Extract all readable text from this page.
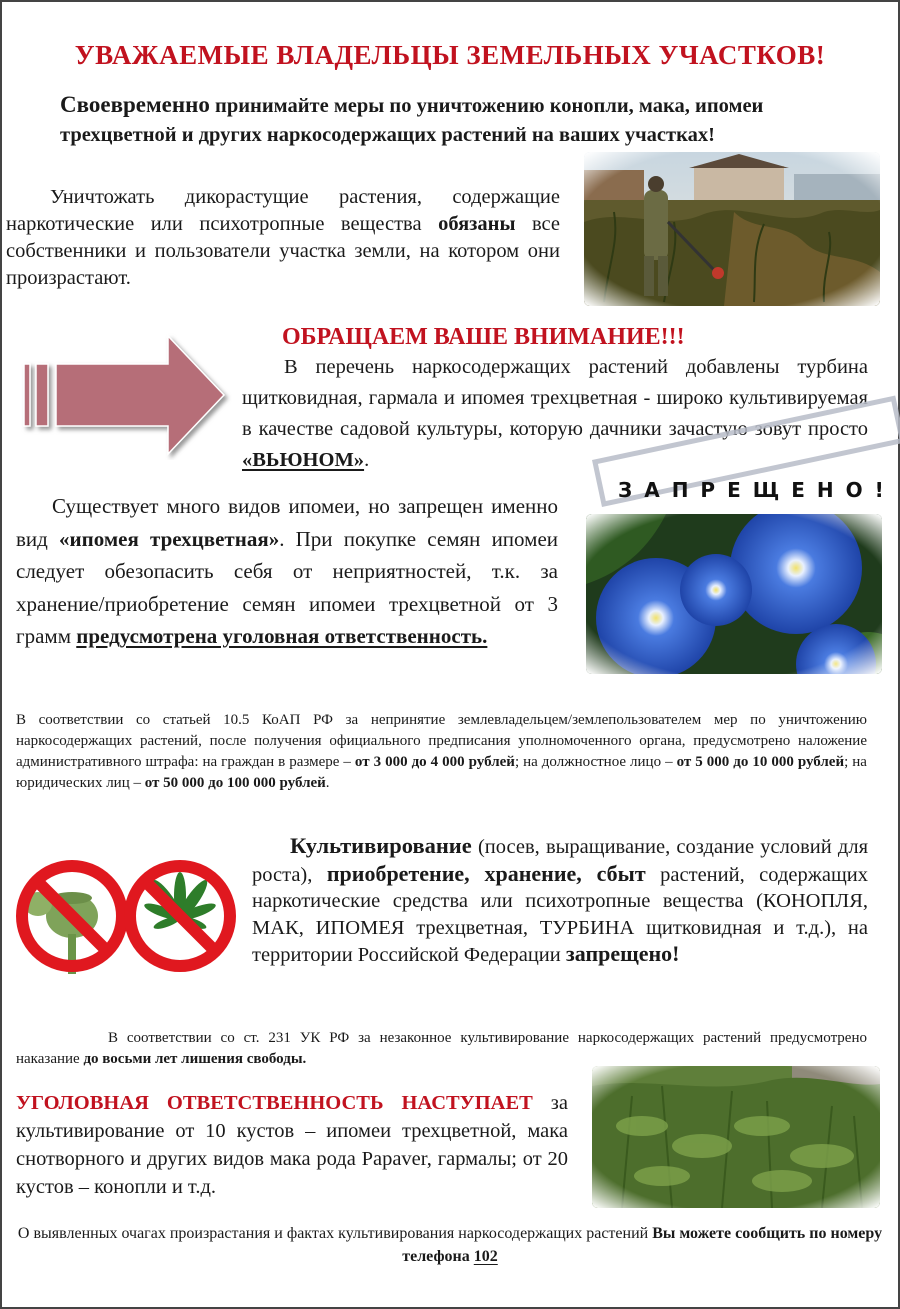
УВАЖАЕМЫЕ ВЛАДЕЛЬЦЫ ЗЕМЕЛЬНЫХ УЧАСТКОВ!
Своевременно принимайте меры по уничтожению конопли, мака, ипомеи трехцветной и других наркосодержащих растений на ваших участках!
Уничтожать дикорастущие растения, содержащие наркотические или психотропные вещества обязаны все собственники и пользователи участка земли, на котором они произрастают.
ОБРАЩАЕМ ВАШЕ ВНИМАНИЕ!!!
В перечень наркосодержащих растений добавлены турбина щитковидная, гармала и ипомея трехцветная - широко культивируемая в качестве садовой культуры, которую дачники зачастую зовут просто «ВЬЮНОМ».
ЗАПРЕЩЕНО!
Существует много видов ипомеи, но запрещен именно вид «ипомея трехцветная». При покупке семян ипомеи следует обезопасить себя от неприятностей, т.к. за хранение/приобретение семян ипомеи трехцветной от 3 грамм предусмотрена уголовная ответственность.
В соответствии со статьей 10.5 КоАП РФ за непринятие землевладельцем/землепользователем мер по уничтожению наркосодержащих растений, после получения официального предписания уполномоченного органа, предусмотрено наложение административного штрафа: на граждан в размере – от 3 000 до 4 000 рублей; на должностное лицо – от 5 000 до 10 000 рублей; на юридических лиц – от 50 000 до 100 000 рублей.
Культивирование (посев, выращивание, создание условий для роста), приобретение, хранение, сбыт растений, содержащих наркотические средства или психотропные вещества (КОНОПЛЯ, МАК, ИПОМЕЯ трехцветная, ТУРБИНА щитковидная и т.д.), на территории Российской Федерации запрещено!
В соответствии со ст. 231 УК РФ за незаконное культивирование наркосодержащих растений предусмотрено наказание до восьми лет лишения свободы.
УГОЛОВНАЯ ОТВЕТСТВЕННОСТЬ НАСТУПАЕТ за культивирование от 10 кустов – ипомеи трехцветной, мака снотворного и других видов мака рода Papaver, гармалы; от 20 кустов – конопли и т.д.
О выявленных очагах произрастания и фактах культивирования наркосодержащих растений Вы можете сообщить по номеру телефона 102
